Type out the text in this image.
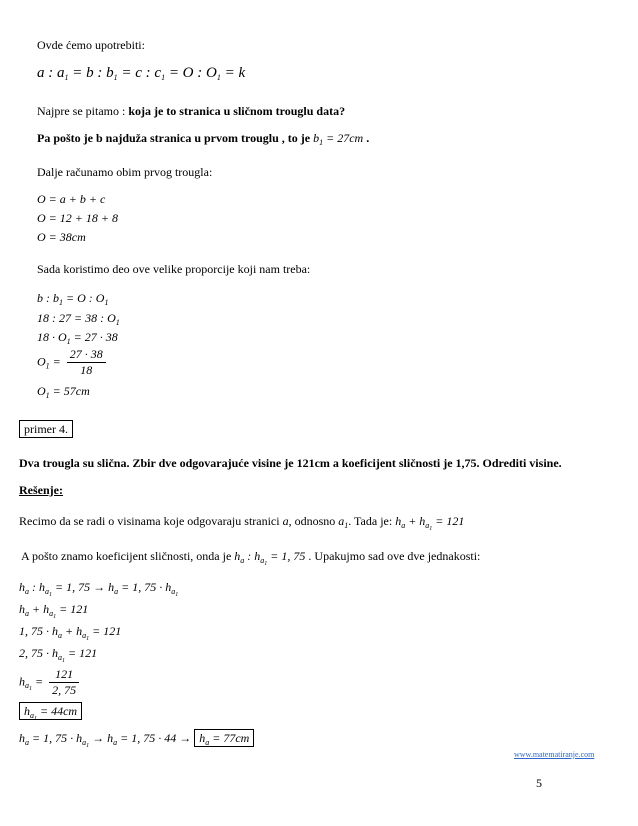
Ovde ćemo upotrebiti:
a : $a_1 = b$ : $b_1 = c$ : $c_1 = O$ : $O_1 = k$
Najpre se pitamo : koja je to stranica u sličnom trouglu data?
Pa pošto je b najduža stranica u prvom trouglu , to je $b_1 = 27cm$ .
Dalje računamo obim prvog trougla:
O = a + b + c
O = 12 + 18 + 8
O = 38cm
Sada koristimo deo ove velike proporcije koji nam treba:
b : $b_1 = O$ : $O_1$
18 : 27 = 38 : $O_1$
$18 \cdot O_1 = 27 \cdot 38$
$O_1 = \frac{27 \cdot 38}{18}$
$O_1 = 57cm$
primer 4.
Dva trougla su slična. Zbir dve odgovarajuće visine je 121cm a koeficijent sličnosti je 1,75. Odrediti visine.
Rešenje:
Recimo da se radi o visinama koje odgovaraju stranici a, odnosno $a_1$. Tada je: $h_a + h_{a_1} = 121$
A pošto znamo koeficijent sličnosti, onda je $h_a$ : $h_{a_1} = 1$, 75 . Upakujmo sad ove dve jednakosti:
$h_a$ : $h_{a_1} = 1$, $75 \to h_a = 1$, $75 \cdot h_{a_1}$
$h_a + h_{a_1} = 121$
1, $75 \cdot h_a + h_{a_1} = 121$
2, $75 \cdot h_{a_1} = 121$
$h_{a_1} = \frac{121}{2, 75}$
$h_{a_1} = 44cm$
$h_a = 1$, $75 \cdot h_{a_1} \to h_a = 1$, $75 \cdot 44 \to h_a = 77cm$
www.matematiranje.com
5
